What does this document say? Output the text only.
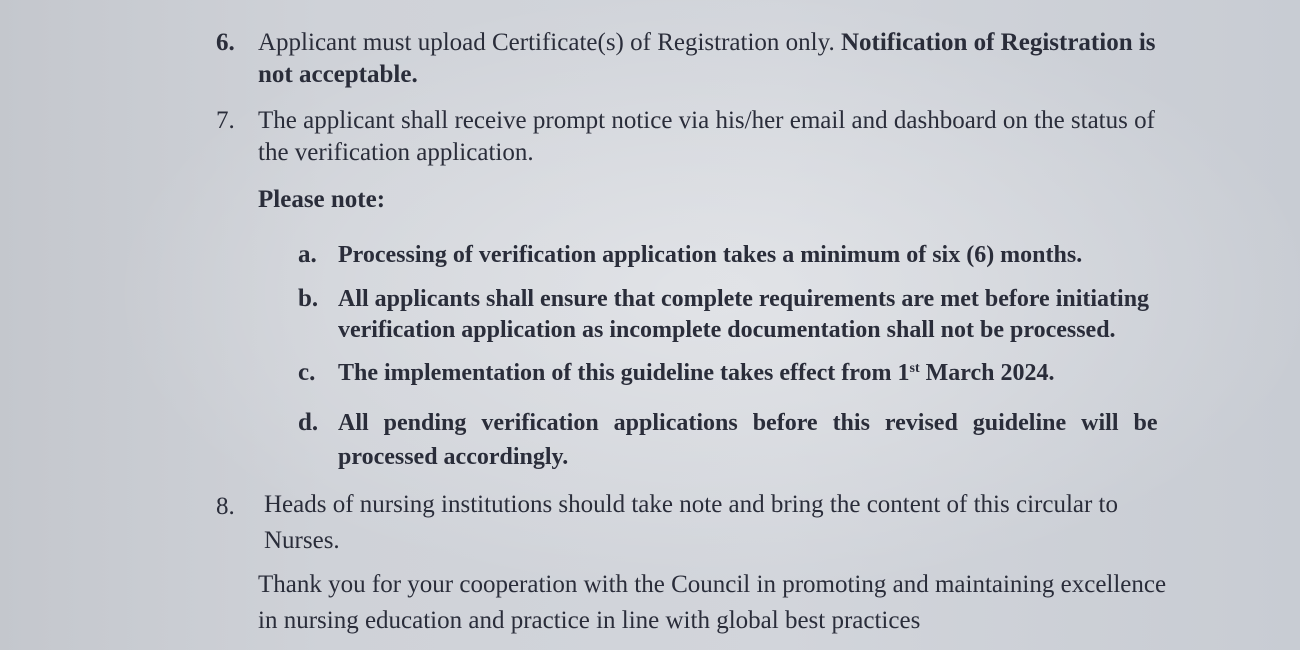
6. Applicant must upload Certificate(s) of Registration only. Notification of Registration is
not acceptable.
7. The applicant shall receive prompt notice via his/her email and dashboard on the status of
the verification application.
Please note:
a. Processing of verification application takes a minimum of six (6) months.
b. All applicants shall ensure that complete requirements are met before initiating
verification application as incomplete documentation shall not be processed.
c. The implementation of this guideline takes effect from 1st March 2024.
d. All pending verification applications before this revised guideline will be
processed accordingly.
8. Heads of nursing institutions should take note and bring the content of this circular to
Nurses.
Thank you for your cooperation with the Council in promoting and maintaining excellence
in nursing education and practice in line with global best practices
